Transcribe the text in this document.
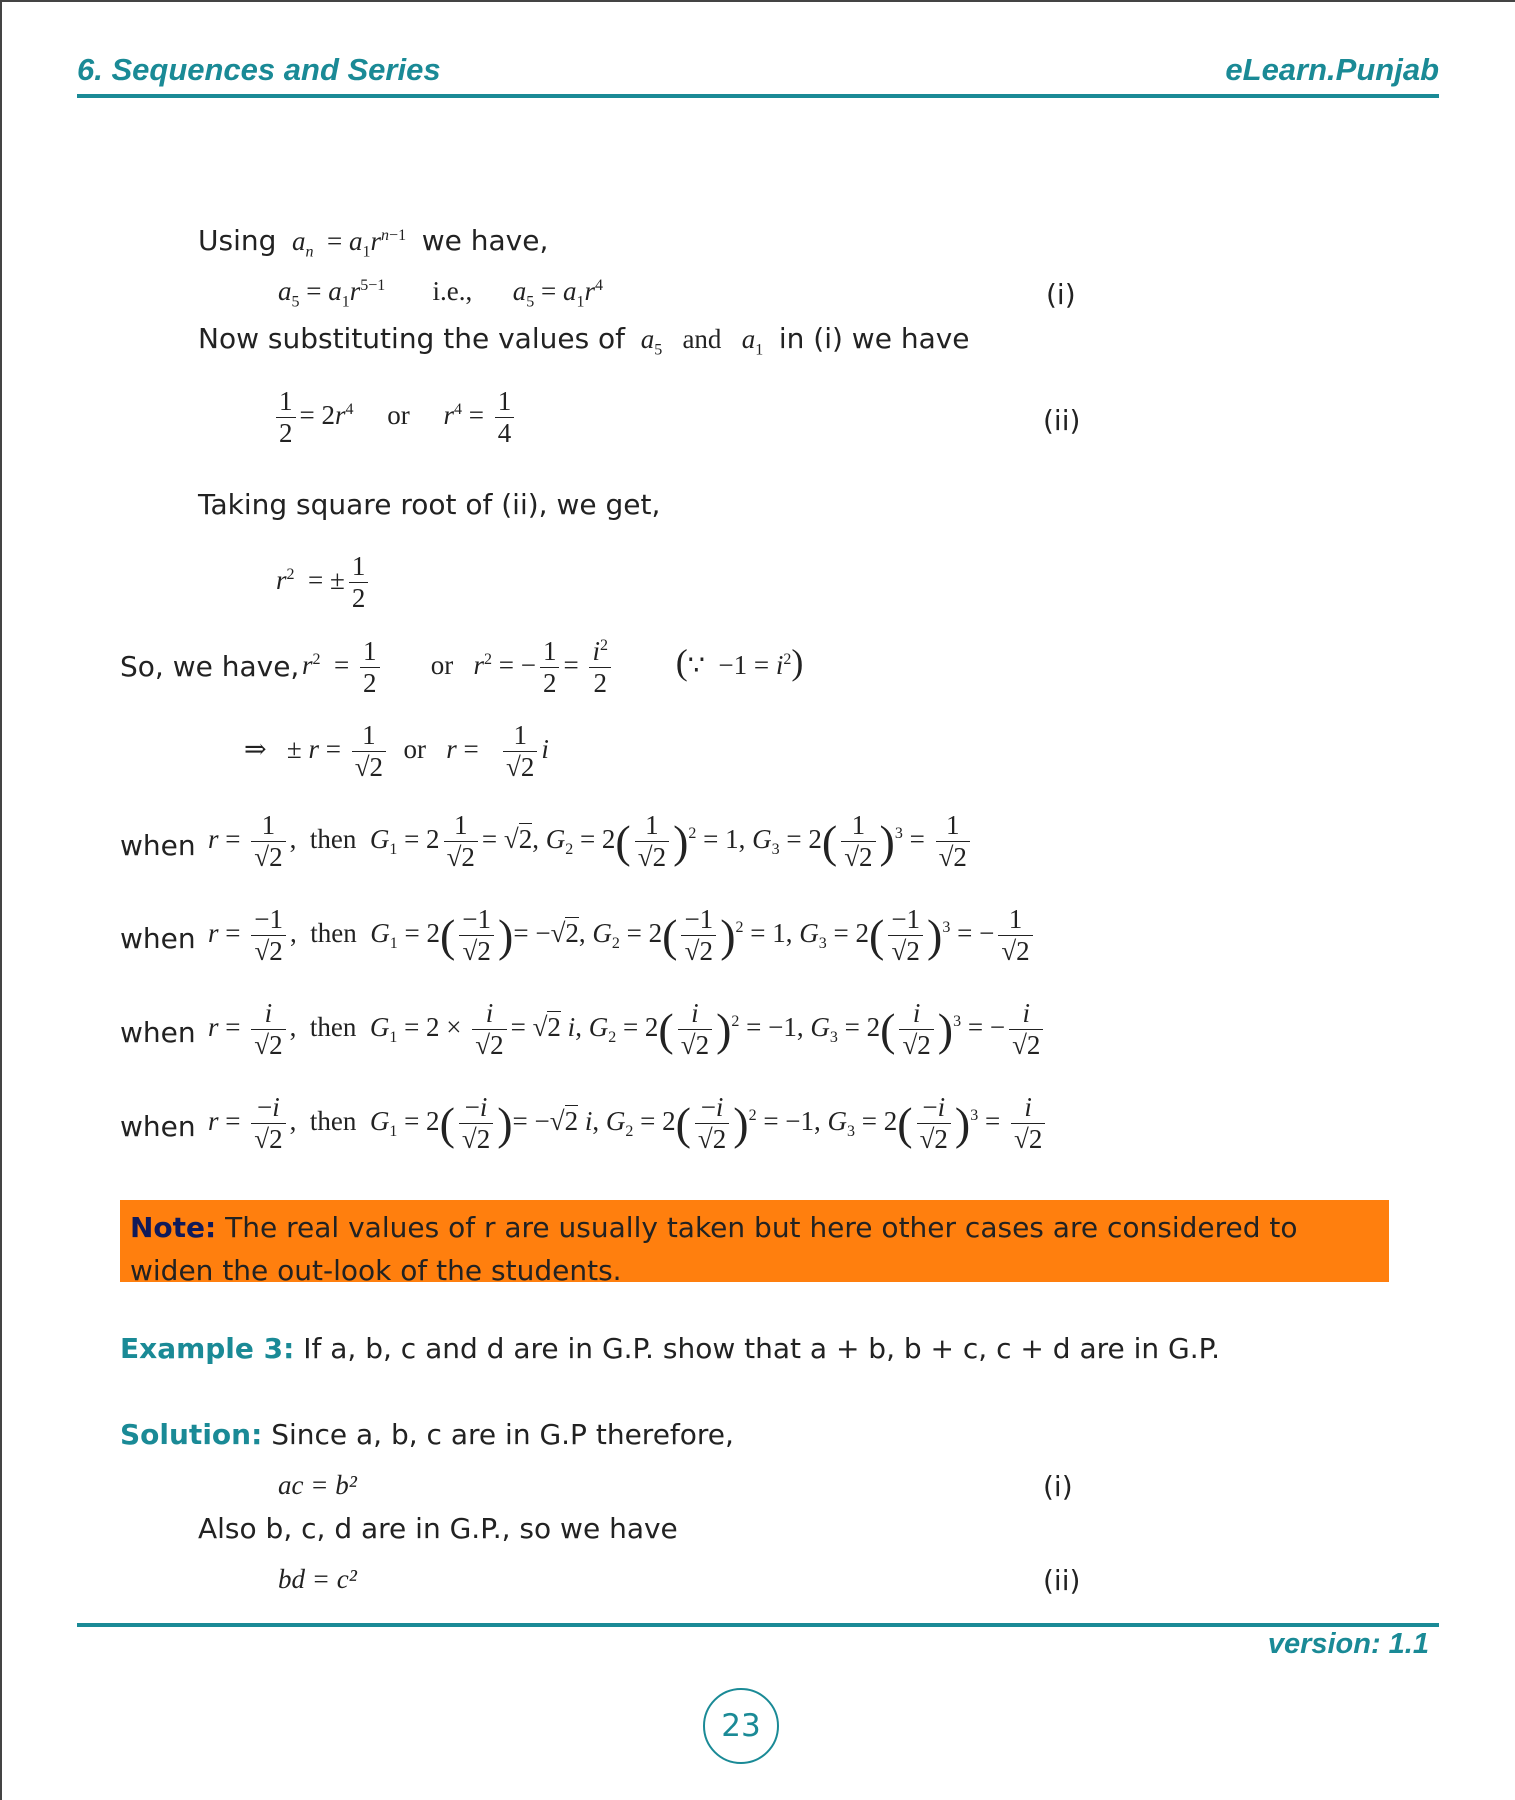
6. Sequences and Series	eLearn.Punjab
Using $a_n = a_1r^{n-1}$ we have,
$a_5 = a_1r^{5-1}$ i.e., $a_5 = a_1r^4$	(i)
Now substituting the values of $a_5$ and $a_1$ in (i) we have
$\frac{1}{2} = 2r^4$ or $r^4 = \frac{1}{4}$	(ii)
Taking square root of (ii), we get,
$r^2$  = ± $\frac{1}{2}$
So, we have, $r^2 = \frac{1}{2}$ or $r^2$ = − $\frac{1}{2} = \frac{i^2}{2}$ (∵  $-1 = i^2$)
⇒   ± $r = \frac{1}{√2}$ or $r = \frac{1}{√2}$ i
when $r = \frac{1}{√2}$ ,  then $G_1 = 2 \frac{1}{√2} = √2$, $G_2 = 2( \frac{1}{√2} )^2 = 1$, $G_3 = 2( \frac{1}{√2} )^3 = \frac{1}{√2}$
when $r = \frac{-1}{√2}$ ,  then $G_1 = 2( \frac{-1}{√2}$ )= −√2, $G_2 = 2( \frac{-1}{√2} )^2 = 1$, $G_3 = 2( \frac{-1}{√2} )^3$ = − $\frac{1}{√2}$
when $r = \frac{i}{√2}$ ,  then $G_1 = 2 \times \frac{i}{√2} = √2$ i, $G_2 = 2( \frac{i}{√2} )^2 = -1$, $G_3 = 2( \frac{i}{√2} )^3$ = − $\frac{i}{√2}$
when $r = \frac{-i}{√2}$ ,  then $G_1 = 2( \frac{-i}{√2}$ )= −√2 i, $G_2 = 2( \frac{-i}{√2} )^2 = -1$, $G_3 = 2( \frac{-i}{√2} )^3 = \frac{i}{√2}$
Note: The real values of r are usually taken but here other cases are considered to widen the out-look of the students.
Example 3: If a, b, c and d are in G.P. show that a + b, b + c, c + d are in G.P.
Solution: Since a, b, c are in G.P therefore,
ac = b²	(i)
Also b, c, d are in G.P., so we have
bd = c²	(ii)
version: 1.1
23
